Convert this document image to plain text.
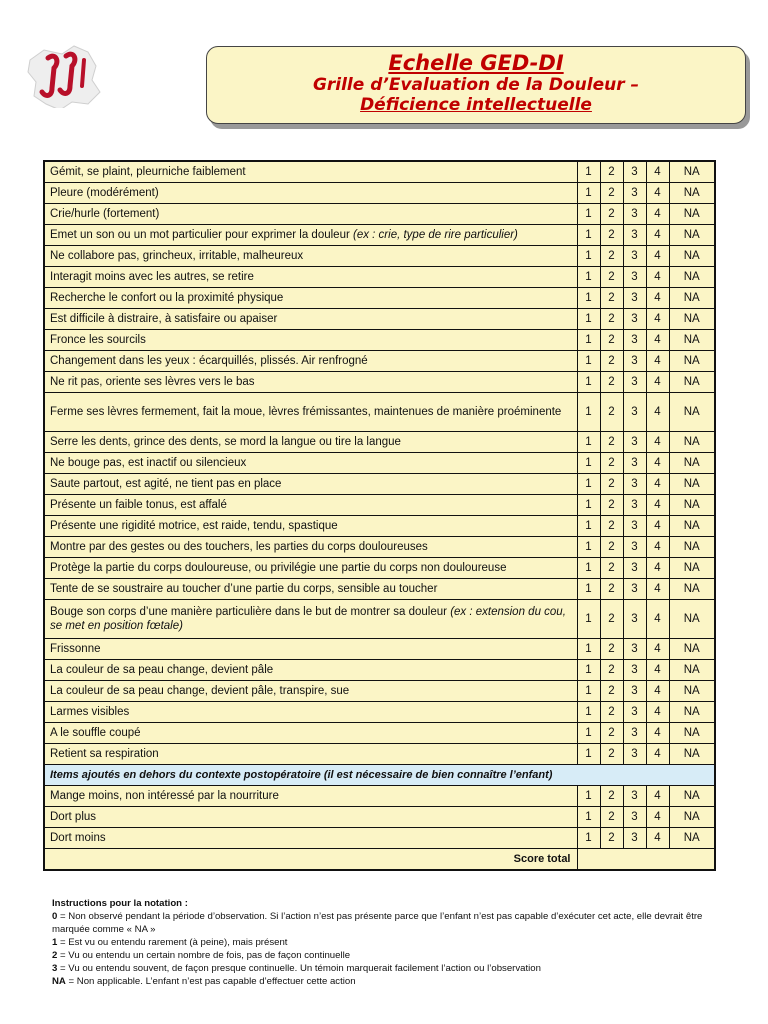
Echelle GED-DI
Grille d’Evaluation de la Douleur –
Déficience intellectuelle
Gémit, se plaint, pleurniche faiblement	1	2	3	4	NA
Pleure (modérément)	1	2	3	4	NA
Crie/hurle (fortement)	1	2	3	4	NA
Emet un son ou un mot particulier pour exprimer la douleur (ex : crie, type de rire particulier)	1	2	3	4	NA
Ne collabore pas, grincheux, irritable, malheureux	1	2	3	4	NA
Interagit moins avec les autres, se retire	1	2	3	4	NA
Recherche le confort ou la proximité physique	1	2	3	4	NA
Est difficile à distraire, à satisfaire ou apaiser	1	2	3	4	NA
Fronce les sourcils	1	2	3	4	NA
Changement dans les yeux : écarquillés, plissés. Air renfrogné	1	2	3	4	NA
Ne rit pas, oriente ses lèvres vers le bas	1	2	3	4	NA
Ferme ses lèvres fermement, fait la moue, lèvres frémissantes, maintenues de manière proéminente	1	2	3	4	NA
Serre les dents, grince des dents, se mord la langue ou tire la langue	1	2	3	4	NA
Ne bouge pas, est inactif ou silencieux	1	2	3	4	NA
Saute partout, est agité, ne tient pas en place	1	2	3	4	NA
Présente un faible tonus, est affalé	1	2	3	4	NA
Présente une rigidité motrice, est raide, tendu, spastique	1	2	3	4	NA
Montre par des gestes ou des touchers, les parties du corps douloureuses	1	2	3	4	NA
Protège la partie du corps douloureuse, ou privilégie une partie du corps non douloureuse	1	2	3	4	NA
Tente de se soustraire au toucher d’une partie du corps, sensible au toucher	1	2	3	4	NA
Bouge son corps d’une manière particulière dans le but de montrer sa douleur (ex : extension du cou, se met en position fœtale)	1	2	3	4	NA
Frissonne	1	2	3	4	NA
La couleur de sa peau change, devient pâle	1	2	3	4	NA
La couleur de sa peau change, devient pâle, transpire, sue	1	2	3	4	NA
Larmes visibles	1	2	3	4	NA
A le souffle coupé	1	2	3	4	NA
Retient sa respiration	1	2	3	4	NA
Items ajoutés en dehors du contexte postopératoire (il est nécessaire de bien connaître l’enfant)					
Mange moins, non intéressé par la nourriture	1	2	3	4	NA
Dort plus	1	2	3	4	NA
Dort moins	1	2	3	4	NA
Score total					
Instructions pour la notation :
0 = Non observé pendant la période d’observation. Si l’action n’est pas présente parce que l’enfant n’est pas capable d’exécuter cet acte, elle devrait être marquée comme « NA »
1 = Est vu ou entendu rarement (à peine), mais présent
2 = Vu ou entendu un certain nombre de fois, pas de façon continuelle
3 = Vu ou entendu souvent, de façon presque continuelle. Un témoin marquerait facilement l’action ou l’observation
NA = Non applicable. L’enfant n’est pas capable d’effectuer cette action
